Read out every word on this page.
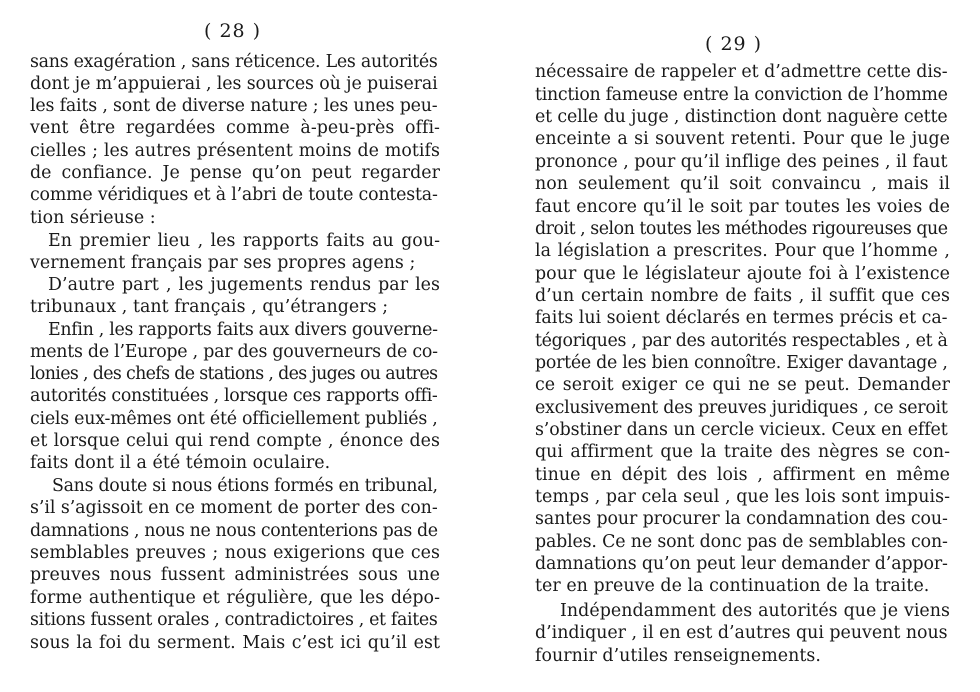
( 28 )
sans exagération , sans réticence. Les autorités
dont je m’appuierai , les sources où je puiserai
les faits , sont de diverse nature ; les unes peu-
vent être regardées comme à-peu-près offi-
cielles ; les autres présentent moins de motifs
de confiance. Je pense qu’on peut regarder
comme véridiques et à l’abri de toute contesta-
tion sérieuse :
En premier lieu , les rapports faits au gou-
vernement français par ses propres agens ;
D’autre part , les jugements rendus par les
tribunaux , tant français , qu’étrangers ;
Enfin , les rapports faits aux divers gouverne-
ments de l’Europe , par des gouverneurs de co-
lonies , des chefs de stations , des juges ou autres
autorités constituées , lorsque ces rapports offi-
ciels eux-mêmes ont été officiellement publiés ,
et lorsque celui qui rend compte , énonce des
faits dont il a été témoin oculaire.
Sans doute si nous étions formés en tribunal,
s’il s’agissoit en ce moment de porter des con-
damnations , nous ne nous contenterions pas de
semblables preuves ; nous exigerions que ces
preuves nous fussent administrées sous une
forme authentique et régulière, que les dépo-
sitions fussent orales , contradictoires , et faites
sous la foi du serment. Mais c’est ici qu’il est
( 29 )
nécessaire de rappeler et d’admettre cette dis-
tinction fameuse entre la conviction de l’homme
et celle du juge , distinction dont naguère cette
enceinte a si souvent retenti. Pour que le juge
prononce , pour qu’il inflige des peines , il faut
non seulement qu’il soit convaincu , mais il
faut encore qu’il le soit par toutes les voies de
droit , selon toutes les méthodes rigoureuses que
la législation a prescrites. Pour que l’homme ,
pour que le législateur ajoute foi à l’existence
d’un certain nombre de faits , il suffit que ces
faits lui soient déclarés en termes précis et ca-
tégoriques , par des autorités respectables , et à
portée de les bien connoître. Exiger davantage ,
ce seroit exiger ce qui ne se peut. Demander
exclusivement des preuves juridiques , ce seroit
s’obstiner dans un cercle vicieux. Ceux en effet
qui affirment que la traite des nègres se con-
tinue en dépit des lois , affirment en même
temps , par cela seul , que les lois sont impuis-
santes pour procurer la condamnation des cou-
pables. Ce ne sont donc pas de semblables con-
damnations qu’on peut leur demander d’appor-
ter en preuve de la continuation de la traite.
Indépendamment des autorités que je viens
d’indiquer , il en est d’autres qui peuvent nous
fournir d’utiles renseignements.
